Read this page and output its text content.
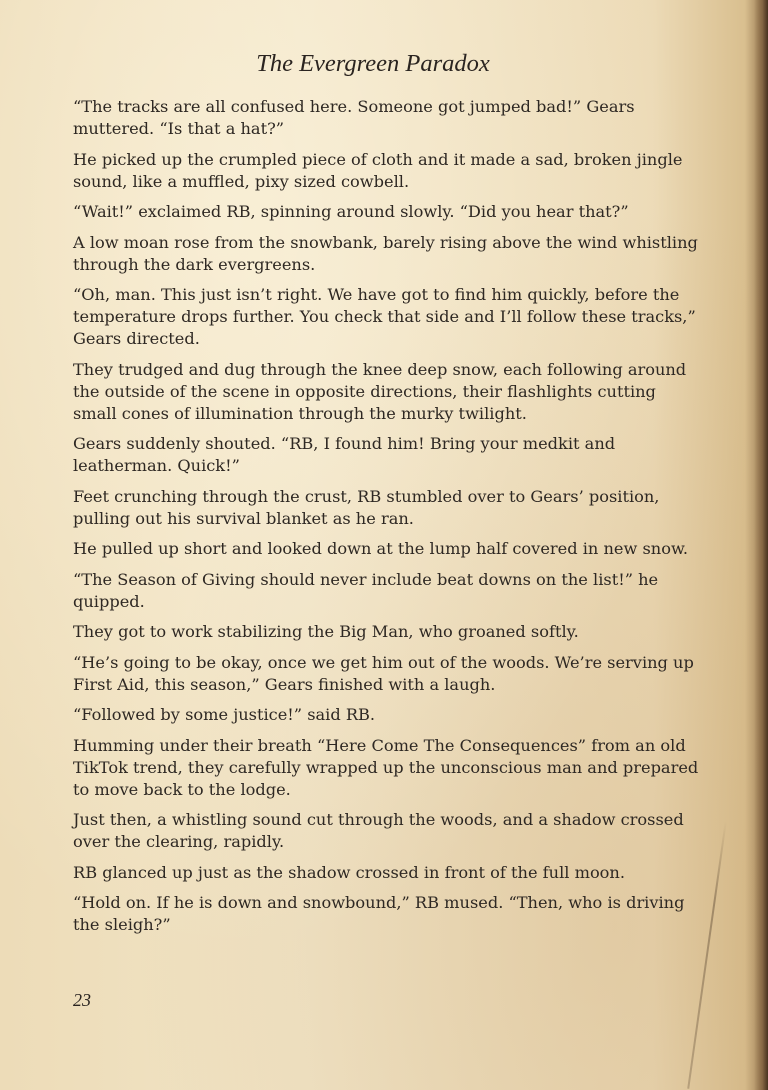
The Evergreen Paradox

“The tracks are all confused here. Someone got jumped bad!” Gears muttered. “Is that a hat?”

He picked up the crumpled piece of cloth and it made a sad, broken jingle sound, like a muffled, pixy sized cowbell.

“Wait!” exclaimed RB, spinning around slowly. “Did you hear that?”

A low moan rose from the snowbank, barely rising above the wind whistling through the dark evergreens.

“Oh, man. This just isn’t right. We have got to find him quickly, before the temperature drops further. You check that side and I’ll follow these tracks,” Gears directed.

They trudged and dug through the knee deep snow, each following around the outside of the scene in opposite directions, their flashlights cutting small cones of illumination through the murky twilight.

Gears suddenly shouted. “RB, I found him! Bring your medkit and leatherman. Quick!”

Feet crunching through the crust, RB stumbled over to Gears’ position, pulling out his survival blanket as he ran.

He pulled up short and looked down at the lump half covered in new snow.

“The Season of Giving should never include beat downs on the list!” he quipped.

They got to work stabilizing the Big Man, who groaned softly.

“He’s going to be okay, once we get him out of the woods. We’re serving up First Aid, this season,” Gears finished with a laugh.

“Followed by some justice!” said RB.

Humming under their breath “Here Come The Consequences” from an old TikTok trend, they carefully wrapped up the unconscious man and prepared to move back to the lodge.

Just then, a whistling sound cut through the woods, and a shadow crossed over the clearing, rapidly.

RB glanced up just as the shadow crossed in front of the full moon.

“Hold on. If he is down and snowbound,” RB mused. “Then, who is driving the sleigh?”

23
